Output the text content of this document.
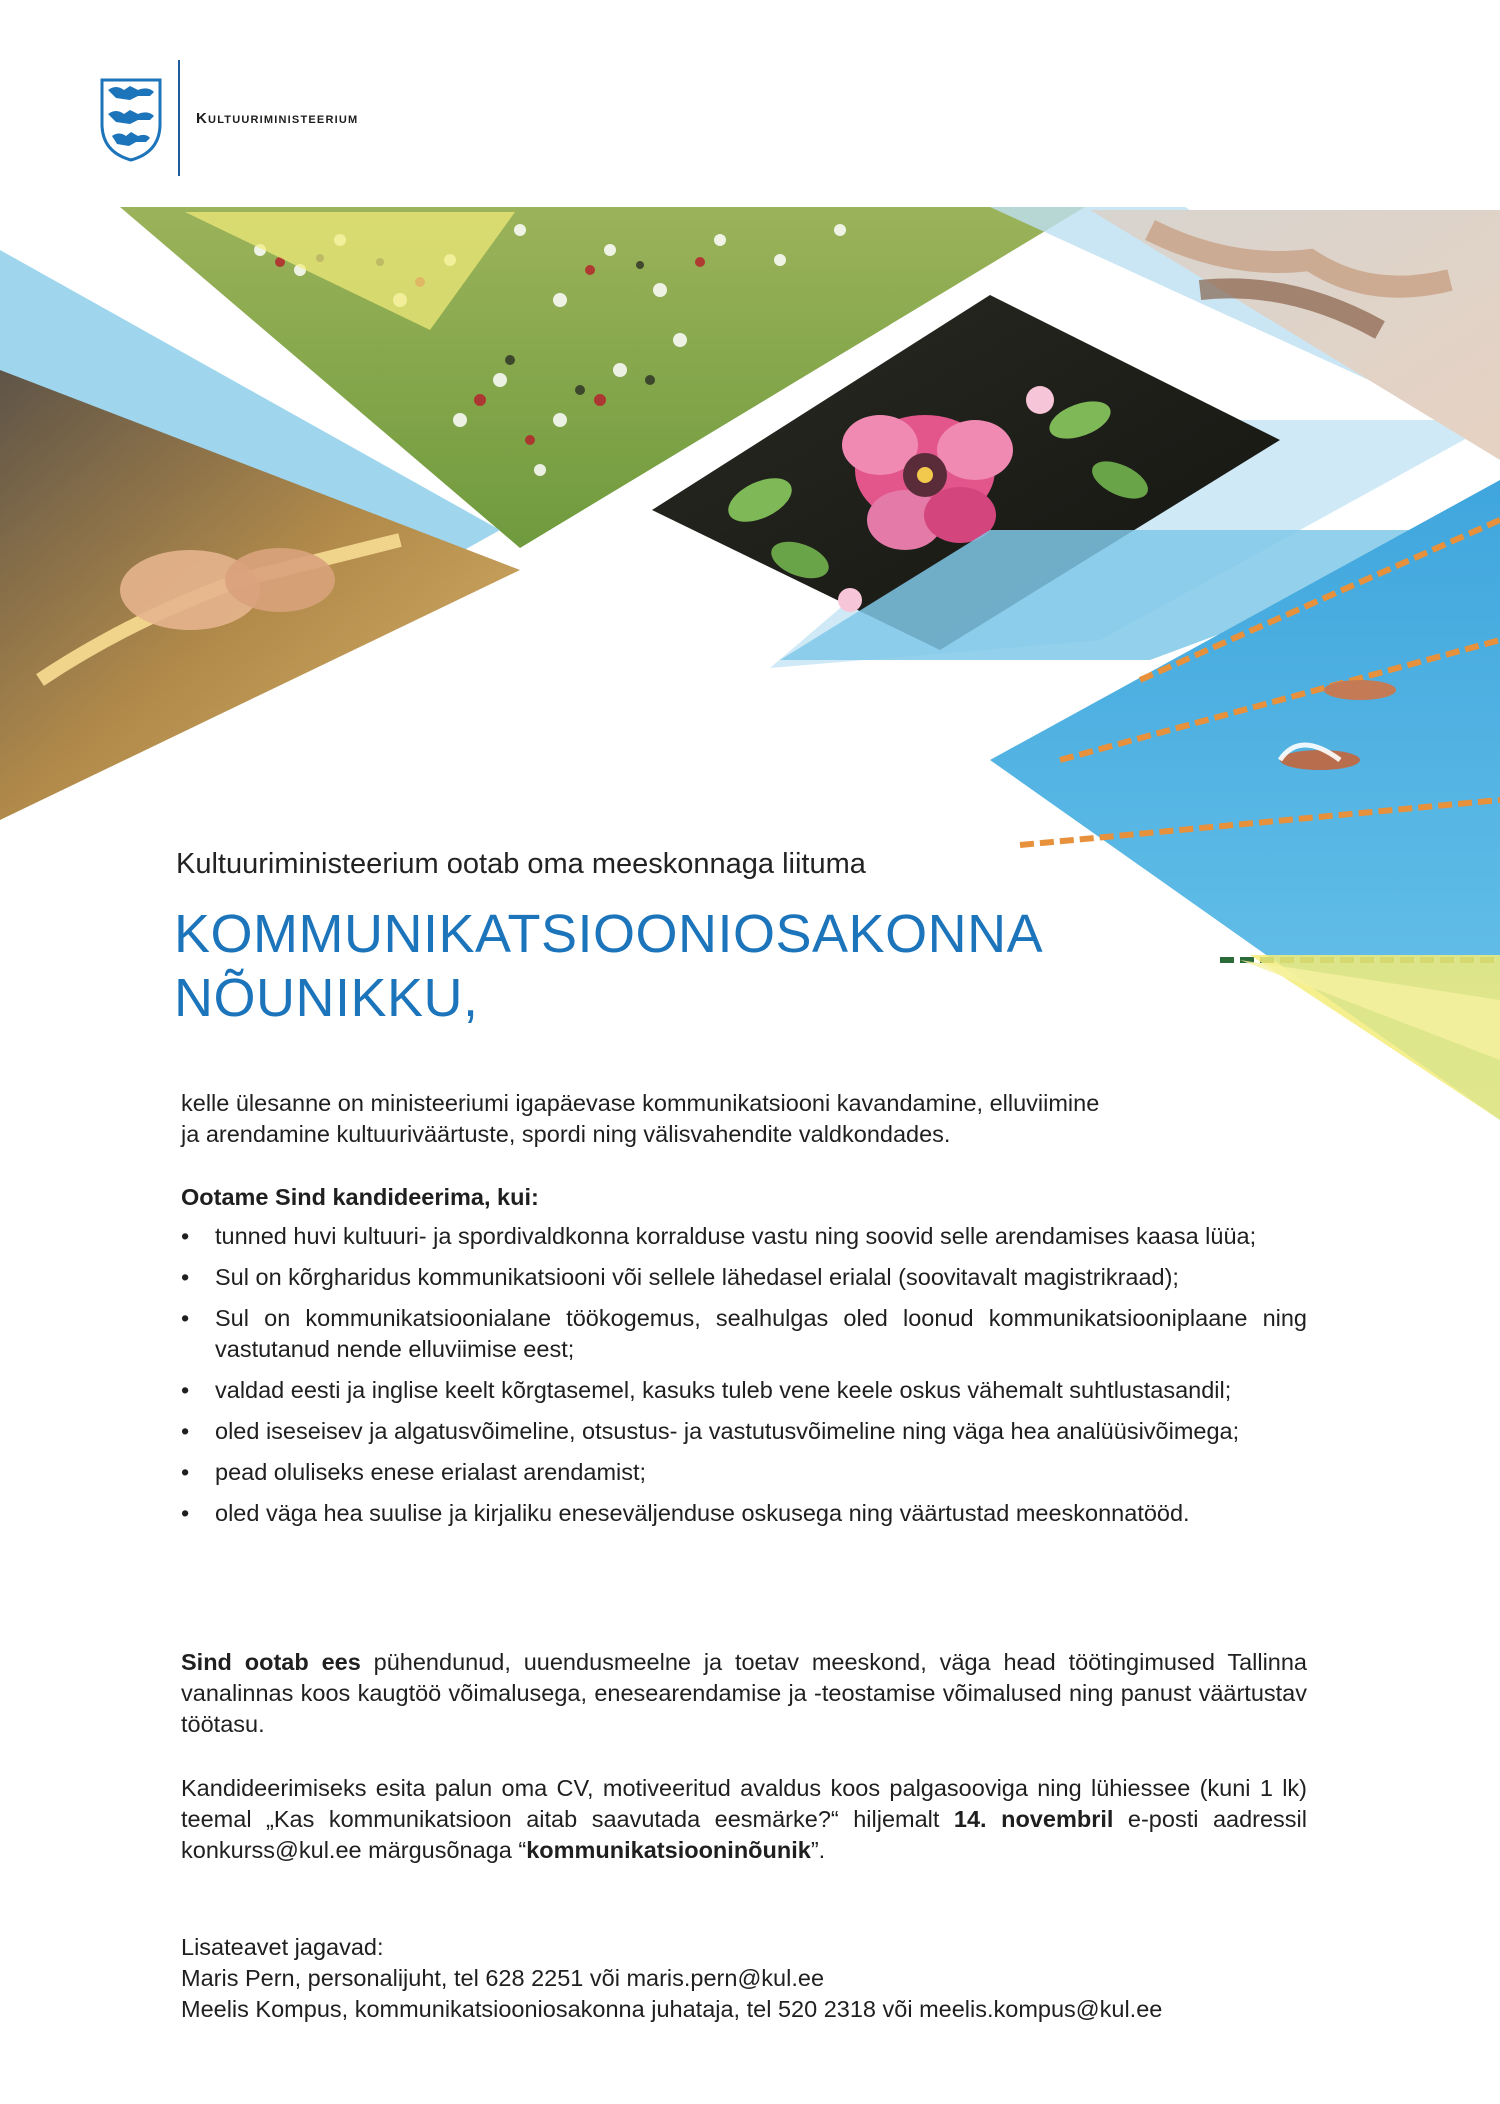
Kultuuriministeerium
Kultuuriministeerium ootab oma meeskonnaga liituma
KOMMUNIKATSIOONIOSAKONNA
NÕUNIKKU,
kelle ülesanne on ministeeriumi igapäevase kommunikatsiooni kavandamine, elluviimine
ja arendamine kultuuriväärtuste, spordi ning välisvahendite valdkondades.
Ootame Sind kandideerima, kui:
• tunned huvi kultuuri- ja spordivaldkonna korralduse vastu ning soovid selle arendamises kaasa lüüa;
• Sul on kõrgharidus kommunikatsiooni või sellele lähedasel erialal (soovitavalt magistrikraad);
• Sul on kommunikatsioonialane töökogemus, sealhulgas oled loonud kommunikatsiooniplaane ning vastutanud nende elluviimise eest;
• valdad eesti ja inglise keelt kõrgtasemel, kasuks tuleb vene keele oskus vähemalt suhtlustasandil;
• oled iseseisev ja algatusvõimeline, otsustus- ja vastutusvõimeline ning väga hea analüüsivõimega;
• pead oluliseks enese erialast arendamist;
• oled väga hea suulise ja kirjaliku eneseväljenduse oskusega ning väärtustad meeskonnatööd.
Sind ootab ees pühendunud, uuendusmeelne ja toetav meeskond, väga head töötingimused Tallinna vanalinnas koos kaugtöö võimalusega, enesearendamise ja -teostamise võimalused ning panust väärtustav töötasu.
Kandideerimiseks esita palun oma CV, motiveeritud avaldus koos palgasooviga ning lühiessee (kuni 1 lk) teemal „Kas kommunikatsioon aitab saavutada eesmärke?“ hiljemalt 14. novembril e-posti aadressil konkurss@kul.ee märgusõnaga “kommunikatsiooninõunik”.
Lisateavet jagavad:
Maris Pern, personalijuht, tel 628 2251 või maris.pern@kul.ee
Meelis Kompus, kommunikatsiooniosakonna juhataja, tel 520 2318 või meelis.kompus@kul.ee
